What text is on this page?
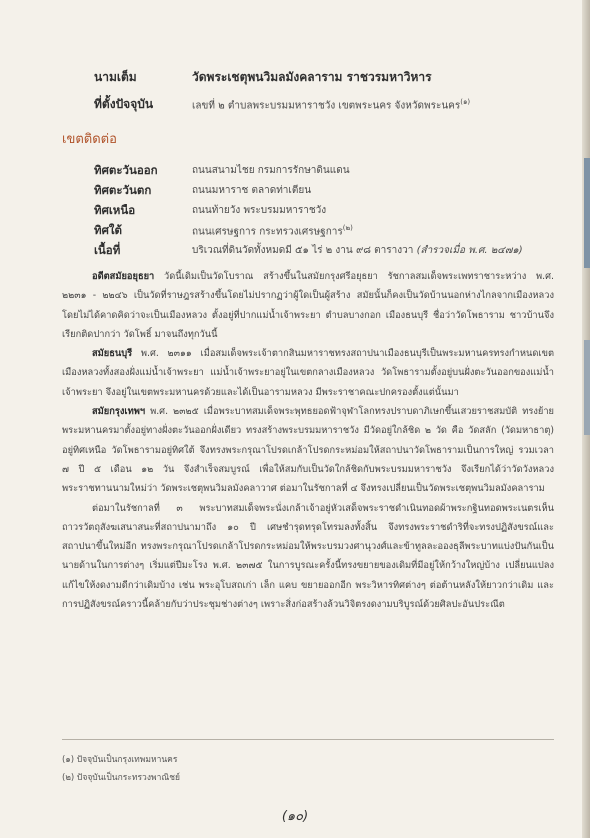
นามเต็ม	วัดพระเชตุพนวิมลมังคลาราม ราชวรมหาวิหาร
ที่ตั้งปัจจุบัน	เลขที่ ๒ ตำบลพระบรมมหาราชวัง เขตพระนคร จังหวัดพระนคร$^{(๑)}$
เขตติดต่อ
ทิศตะวันออก	ถนนสนามไชย กรมการรักษาดินแดน
ทิศตะวันตก	ถนนมหาราช ตลาดท่าเตียน
ทิศเหนือ	ถนนท้ายวัง พระบรมมหาราชวัง
ทิศใต้	ถนนเศรษฐการ กระทรวงเศรษฐการ$^{(๒)}$
เนื้อที่	บริเวณที่ดินวัดทั้งหมดมี ๕๑ ไร่ ๒ งาน ๙๘ ตารางวา (สำรวจเมื่อ พ.ศ. ๒๔๗๑)

อดีตสมัยอยุธยา วัดนี้เดิมเป็นวัดโบราณ สร้างขึ้นในสมัยกรุงศรีอยุธยา รัชกาลสมเด็จพระเพทราชาระหว่าง พ.ศ. ๒๒๓๑ - ๒๒๔๖ เป็นวัดที่ราษฎรสร้างขึ้นโดยไม่ปรากฏว่าผู้ใดเป็นผู้สร้าง สมัยนั้นก็คงเป็นวัดบ้านนอกห่างไกลจากเมืองหลวงโดยไม่ได้คาดคิดว่าจะเป็นเมืองหลวง ตั้งอยู่ที่ปากแม่น้ำเจ้าพระยา ตำบลบางกอก เมืองธนบุรี ชื่อว่าวัดโพธาราม ชาวบ้านจึงเรียกติดปากว่า วัดโพธิ์ มาจนถึงทุกวันนี้

สมัยธนบุรี พ.ศ. ๒๓๑๑ เมื่อสมเด็จพระเจ้าตากสินมหาราชทรงสถาปนาเมืองธนบุรีเป็นพระมหานครทรงกำหนดเขตเมืองหลวงทั้งสองฝั่งแม่น้ำเจ้าพระยา แม่น้ำเจ้าพระยาอยู่ในเขตกลางเมืองหลวง วัดโพธารามตั้งอยู่บนฝั่งตะวันออกของแม่น้ำเจ้าพระยา จึงอยู่ในเขตพระมหานครด้วยและได้เป็นอารามหลวง มีพระราชาคณะปกครองตั้งแต่นั้นมา

สมัยกรุงเทพฯ พ.ศ. ๒๓๒๕ เมื่อพระบาทสมเด็จพระพุทธยอดฟ้าจุฬาโลกทรงปราบดาภิเษกขึ้นเสวยราชสมบัติ ทรงย้ายพระมหานครมาตั้งอยู่ทางฝั่งตะวันออกฝั่งเดียว ทรงสร้างพระบรมมหาราชวัง มีวัดอยู่ใกล้ชิด ๒ วัด คือ วัดสลัก (วัดมหาธาตุ) อยู่ทิศเหนือ วัดโพธารามอยู่ทิศใต้ จึงทรงพระกรุณาโปรดเกล้าโปรดกระหม่อมให้สถาปนาวัดโพธารามเป็นการใหญ่ รวมเวลา ๗ ปี ๕ เดือน ๑๒ วัน จึงสำเร็จสมบูรณ์ เพื่อให้สมกับเป็นวัดใกล้ชิดกับพระบรมมหาราชวัง จึงเรียกได้ว่าวัดวังหลวง พระราชทานนามใหม่ว่า วัดพระเชตุพนวิมลมังคลาวาศ ต่อมาในรัชกาลที่ ๔ จึงทรงเปลี่ยนเป็นวัดพระเชตุพนวิมลมังคลาราม

ต่อมาในรัชกาลที่ ๓ พระบาทสมเด็จพระนั่งเกล้าเจ้าอยู่หัวเสด็จพระราชดำเนินทอดผ้าพระกฐินทอดพระเนตรเห็นถาวรวัตถุสังฆเสนาสนะที่สถาปนามาถึง ๑๐ ปี เศษชำรุดทรุดโทรมลงทั้งสิ้น จึงทรงพระราชดำริที่จะทรงปฏิสังขรณ์และสถาปนาขึ้นใหม่อีก ทรงพระกรุณาโปรดเกล้าโปรดกระหม่อมให้พระบรมวงศานุวงศ์และข้าทูลละอองธุลีพระบาทแบ่งปันกันเป็นนายด้านในการต่างๆ เริ่มแต่ปีมะโรง พ.ศ. ๒๓๗๕ ในการบูรณะครั้งนี้ทรงขยายของเดิมที่มีอยู่ให้กว้างใหญ่บ้าง เปลี่ยนแปลงแก้ไขให้งดงามดีกว่าเดิมบ้าง เช่น พระอุโบสถเก่า เล็ก แคบ ขยายออกอีก พระวิหารทิศต่างๆ ต่อต้านหลังให้ยาวกว่าเดิม และการปฏิสังขรณ์คราวนี้คล้ายกับว่าประชุมช่างต่างๆ เพราะสิ่งก่อสร้างล้วนวิจิตรงดงามบริบูรณ์ด้วยศิลปะอันประณีต

(๑) ปัจจุบันเป็นกรุงเทพมหานคร
(๒) ปัจจุบันเป็นกระทรวงพาณิชย์
(๑๐)
